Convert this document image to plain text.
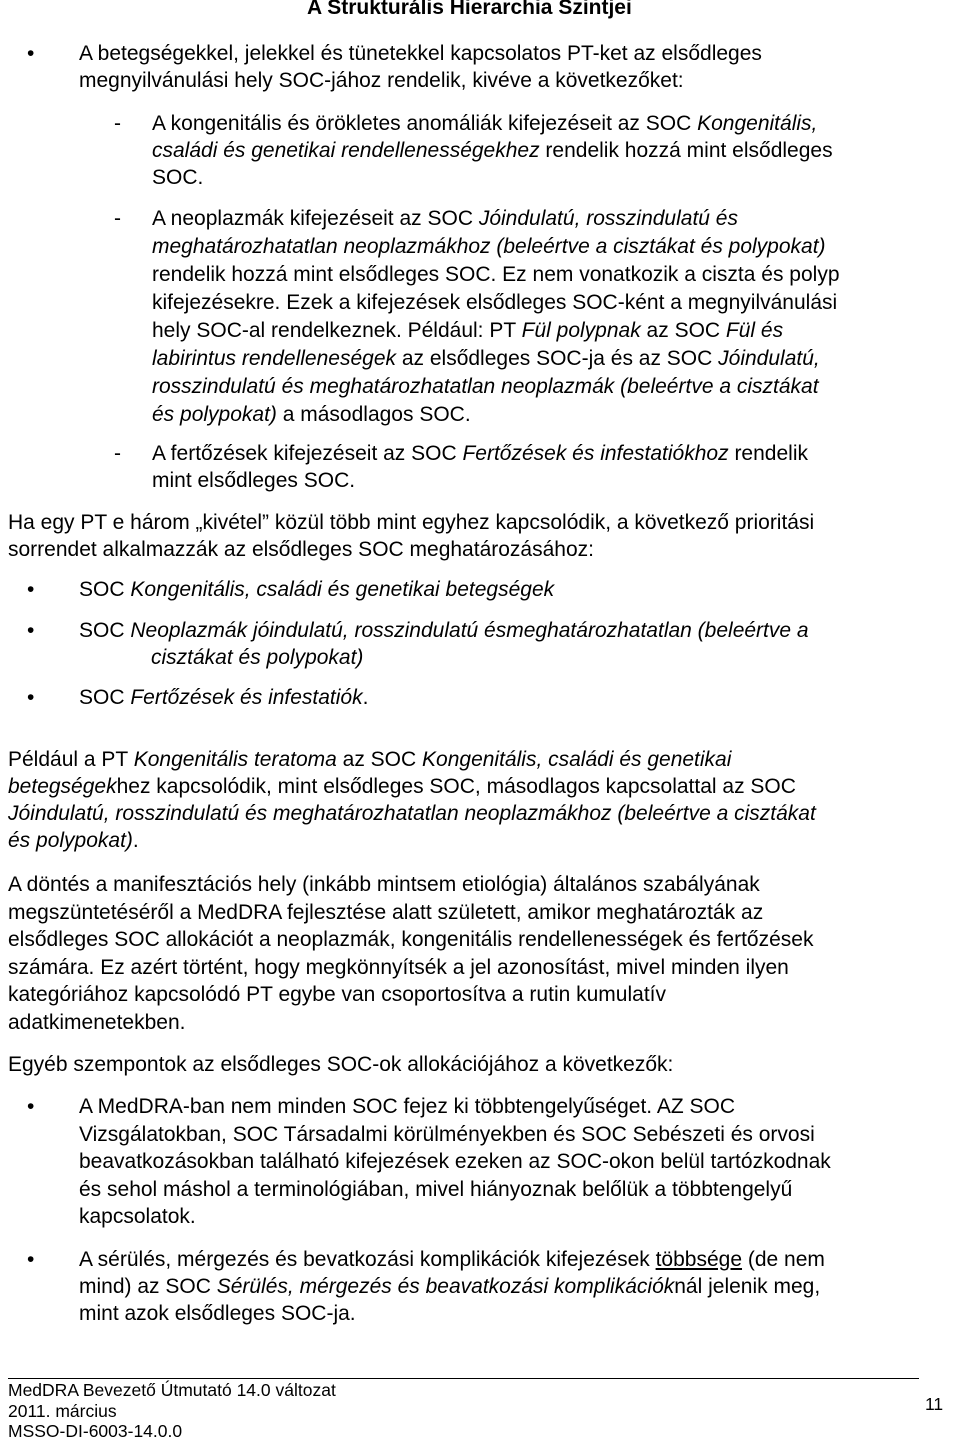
A Strukturális Hierarchia Szintjei
• A betegségekkel, jelekkel és tünetekkel kapcsolatos PT-ket az elsődleges
megnyilvánulási hely SOC-jához rendelik, kivéve a következőket:
- A kongenitális és örökletes anomáliák kifejezéseit az SOC Kongenitális,
családi és genetikai rendellenességekhez rendelik hozzá mint elsődleges
SOC.
- A neoplazmák kifejezéseit az SOC Jóindulatú, rosszindulatú és
meghatározhatatlan neoplazmákhoz (beleértve a cisztákat és polypokat)
rendelik hozzá mint elsődleges SOC. Ez nem vonatkozik a ciszta és polyp
kifejezésekre. Ezek a kifejezések elsődleges SOC-ként a megnyilvánulási
hely SOC-al rendelkeznek. Például: PT Fül polypnak az SOC Fül és
labirintus rendelleneségek az elsődleges SOC-ja és az SOC Jóindulatú,
rosszindulatú és meghatározhatatlan neoplazmák (beleértve a cisztákat
és polypokat) a másodlagos SOC.
- A fertőzések kifejezéseit az SOC Fertőzések és infestatiókhoz rendelik
mint elsődleges SOC.
Ha egy PT e három „kivétel” közül több mint egyhez kapcsolódik, a következő prioritási
sorrendet alkalmazzák az elsődleges SOC meghatározásához:
• SOC Kongenitális, családi és genetikai betegségek
• SOC Neoplazmák jóindulatú, rosszindulatú ésmeghatározhatatlan (beleértve a
cisztákat és polypokat)
• SOC Fertőzések és infestatiók.
Például a PT Kongenitális teratoma az SOC Kongenitális, családi és genetikai
betegségekhez kapcsolódik, mint elsődleges SOC, másodlagos kapcsolattal az SOC
Jóindulatú, rosszindulatú és meghatározhatatlan neoplazmákhoz (beleértve a cisztákat
és polypokat).
A döntés a manifesztációs hely (inkább mintsem etiológia) általános szabályának
megszüntetéséről a MedDRA fejlesztése alatt született, amikor meghatározták az
elsődleges SOC allokációt a neoplazmák, kongenitális rendellenességek és fertőzések
számára. Ez azért történt, hogy megkönnyítsék a jel azonosítást, mivel minden ilyen
kategóriához kapcsolódó PT egybe van csoportosítva a rutin kumulatív
adatkimenetekben.
Egyéb szempontok az elsődleges SOC-ok allokációjához a következők:
• A MedDRA-ban nem minden SOC fejez ki többtengelyűséget. AZ SOC
Vizsgálatokban, SOC Társadalmi körülményekben és SOC Sebészeti és orvosi
beavatkozásokban található kifejezések ezeken az SOC-okon belül tartózkodnak
és sehol máshol a terminológiában, mivel hiányoznak belőlük a többtengelyű
kapcsolatok.
• A sérülés, mérgezés és bevatkozási komplikációk kifejezések többsége (de nem
mind) az SOC Sérülés, mérgezés és beavatkozási komplikációknál jelenik meg,
mint azok elsődleges SOC-ja.
MedDRA Bevezető Útmutató 14.0 változat
2011. március
MSSO-DI-6003-14.0.0
11
